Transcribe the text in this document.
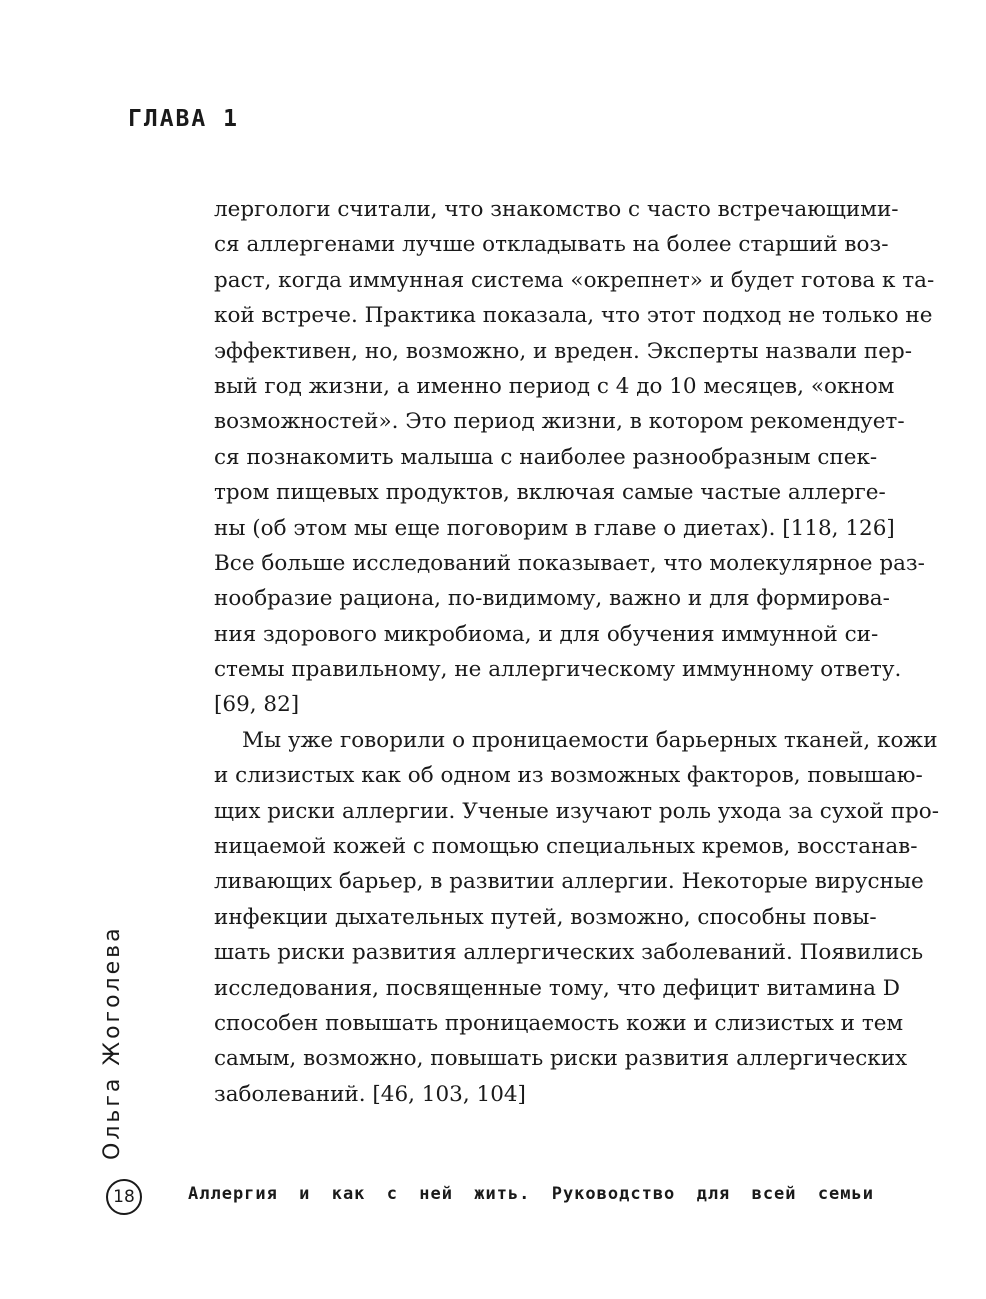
ГЛАВА 1
лергологи считали, что знакомство с часто встречающими-
ся аллергенами лучше откладывать на более старший воз-
раст, когда иммунная система «окрепнет» и будет готова к та-
кой встрече. Практика показала, что этот подход не только не
эффективен, но, возможно, и вреден. Эксперты назвали пер-
вый год жизни, а именно период с 4 до 10 месяцев, «окном
возможностей». Это период жизни, в котором рекомендует-
ся познакомить малыша с наиболее разнообразным спек-
тром пищевых продуктов, включая самые частые аллерге-
ны (об этом мы еще поговорим в главе о диетах). [118, 126]
Все больше исследований показывает, что молекулярное раз-
нообразие рациона, по-видимому, важно и для формирова-
ния здорового микробиома, и для обучения иммунной си-
стемы правильному, не аллергическому иммунному ответу.
[69, 82]
Мы уже говорили о проницаемости барьерных тканей, кожи
и слизистых как об одном из возможных факторов, повышаю-
щих риски аллергии. Ученые изучают роль ухода за сухой про-
ницаемой кожей с помощью специальных кремов, восстанав-
ливающих барьер, в развитии аллергии. Некоторые вирусные
инфекции дыхательных путей, возможно, способны повы-
шать риски развития аллергических заболеваний. Появились
исследования, посвященные тому, что дефицит витамина D
способен повышать проницаемость кожи и слизистых и тем
самым, возможно, повышать риски развития аллергических
заболеваний. [46, 103, 104]
Ольга Жоголева
18	Аллергия и как с ней жить. Руководство для всей семьи
